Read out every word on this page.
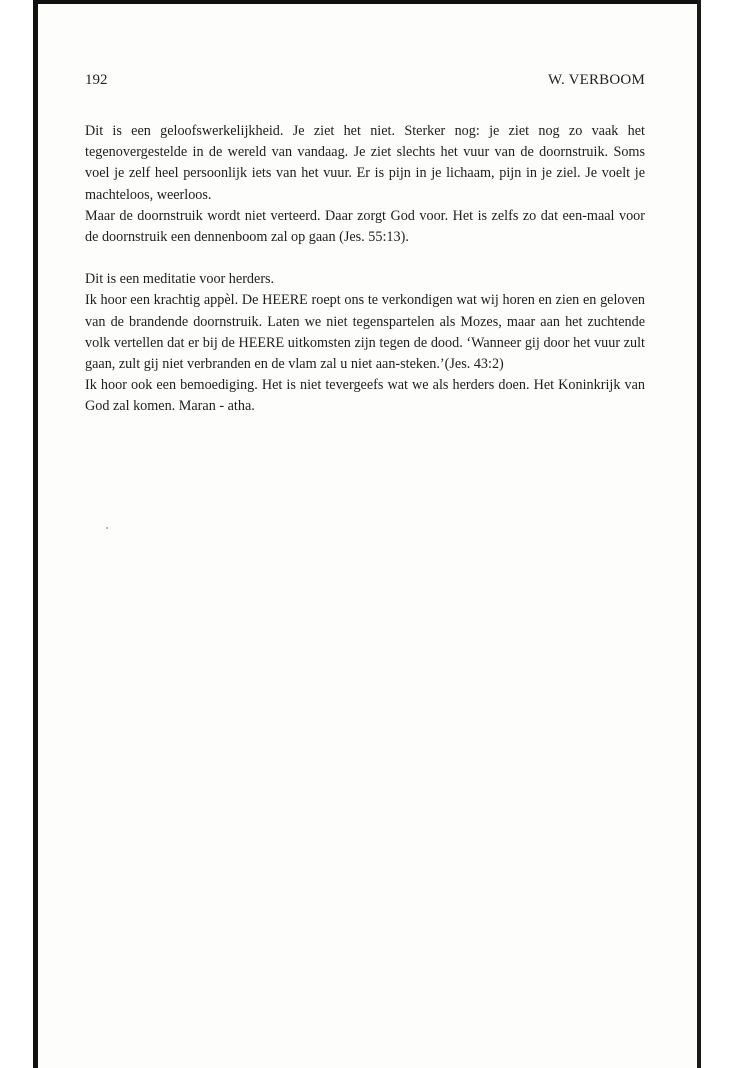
192	W. VERBOOM

Dit is een geloofswerkelijkheid. Je ziet het niet. Sterker nog: je ziet nog zo vaak het tegenovergestelde in de wereld van vandaag. Je ziet slechts het vuur van de doornstruik. Soms voel je zelf heel persoonlijk iets van het vuur. Er is pijn in je lichaam, pijn in je ziel. Je voelt je machteloos, weerloos.

Maar de doornstruik wordt niet verteerd. Daar zorgt God voor. Het is zelfs zo dat een-maal voor de doornstruik een dennenboom zal op gaan (Jes. 55:13).

Dit is een meditatie voor herders.

Ik hoor een krachtig appèl. De HEERE roept ons te verkondigen wat wij horen en zien en geloven van de brandende doornstruik. Laten we niet tegenspartelen als Mozes, maar aan het zuchtende volk vertellen dat er bij de HEERE uitkomsten zijn tegen de dood. ‘Wanneer gij door het vuur zult gaan, zult gij niet verbranden en de vlam zal u niet aan-steken.’(Jes. 43:2)

Ik hoor ook een bemoediging. Het is niet tevergeefs wat we als herders doen. Het Koninkrijk van God zal komen. Maran - atha.
